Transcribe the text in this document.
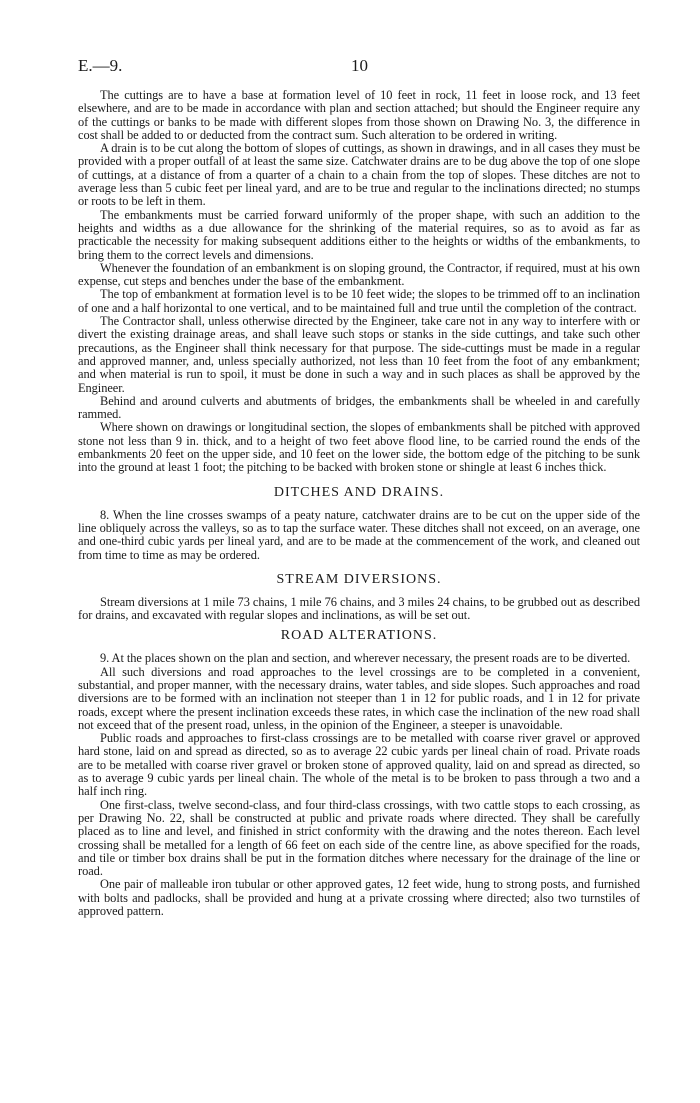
E.—9.	10

The cuttings are to have a base at formation level of 10 feet in rock, 11 feet in loose rock, and 13 feet elsewhere, and are to be made in accordance with plan and section attached; but should the Engineer require any of the cuttings or banks to be made with different slopes from those shown on Drawing No. 3, the difference in cost shall be added to or deducted from the contract sum. Such alteration to be ordered in writing.

A drain is to be cut along the bottom of slopes of cuttings, as shown in drawings, and in all cases they must be provided with a proper outfall of at least the same size. Catchwater drains are to be dug above the top of one slope of cuttings, at a distance of from a quarter of a chain to a chain from the top of slopes. These ditches are not to average less than 5 cubic feet per lineal yard, and are to be true and regular to the inclinations directed; no stumps or roots to be left in them.

The embankments must be carried forward uniformly of the proper shape, with such an addition to the heights and widths as a due allowance for the shrinking of the material requires, so as to avoid as far as practicable the necessity for making subsequent additions either to the heights or widths of the embankments, to bring them to the correct levels and dimensions.

Whenever the foundation of an embankment is on sloping ground, the Contractor, if required, must at his own expense, cut steps and benches under the base of the embankment.

The top of embankment at formation level is to be 10 feet wide; the slopes to be trimmed off to an inclination of one and a half horizontal to one vertical, and to be maintained full and true until the completion of the contract.

The Contractor shall, unless otherwise directed by the Engineer, take care not in any way to interfere with or divert the existing drainage areas, and shall leave such stops or stanks in the side cuttings, and take such other precautions, as the Engineer shall think necessary for that purpose. The side-cuttings must be made in a regular and approved manner, and, unless specially authorized, not less than 10 feet from the foot of any embankment; and when material is run to spoil, it must be done in such a way and in such places as shall be approved by the Engineer.

Behind and around culverts and abutments of bridges, the embankments shall be wheeled in and carefully rammed.

Where shown on drawings or longitudinal section, the slopes of embankments shall be pitched with approved stone not less than 9 in. thick, and to a height of two feet above flood line, to be carried round the ends of the embankments 20 feet on the upper side, and 10 feet on the lower side, the bottom edge of the pitching to be sunk into the ground at least 1 foot; the pitching to be backed with broken stone or shingle at least 6 inches thick.

DITCHES AND DRAINS.

8. When the line crosses swamps of a peaty nature, catchwater drains are to be cut on the upper side of the line obliquely across the valleys, so as to tap the surface water. These ditches shall not exceed, on an average, one and one-third cubic yards per lineal yard, and are to be made at the commencement of the work, and cleaned out from time to time as may be ordered.

STREAM DIVERSIONS.

Stream diversions at 1 mile 73 chains, 1 mile 76 chains, and 3 miles 24 chains, to be grubbed out as described for drains, and excavated with regular slopes and inclinations, as will be set out.

ROAD ALTERATIONS.

9. At the places shown on the plan and section, and wherever necessary, the present roads are to be diverted.

All such diversions and road approaches to the level crossings are to be completed in a convenient, substantial, and proper manner, with the necessary drains, water tables, and side slopes. Such approaches and road diversions are to be formed with an inclination not steeper than 1 in 12 for public roads, and 1 in 12 for private roads, except where the present inclination exceeds these rates, in which case the inclination of the new road shall not exceed that of the present road, unless, in the opinion of the Engineer, a steeper is unavoidable.

Public roads and approaches to first-class crossings are to be metalled with coarse river gravel or approved hard stone, laid on and spread as directed, so as to average 22 cubic yards per lineal chain of road. Private roads are to be metalled with coarse river gravel or broken stone of approved quality, laid on and spread as directed, so as to average 9 cubic yards per lineal chain. The whole of the metal is to be broken to pass through a two and a half inch ring.

One first-class, twelve second-class, and four third-class crossings, with two cattle stops to each crossing, as per Drawing No. 22, shall be constructed at public and private roads where directed. They shall be carefully placed as to line and level, and finished in strict conformity with the drawing and the notes thereon. Each level crossing shall be metalled for a length of 66 feet on each side of the centre line, as above specified for the roads, and tile or timber box drains shall be put in the formation ditches where necessary for the drainage of the line or road.

One pair of malleable iron tubular or other approved gates, 12 feet wide, hung to strong posts, and furnished with bolts and padlocks, shall be provided and hung at a private crossing where directed; also two turnstiles of approved pattern.
